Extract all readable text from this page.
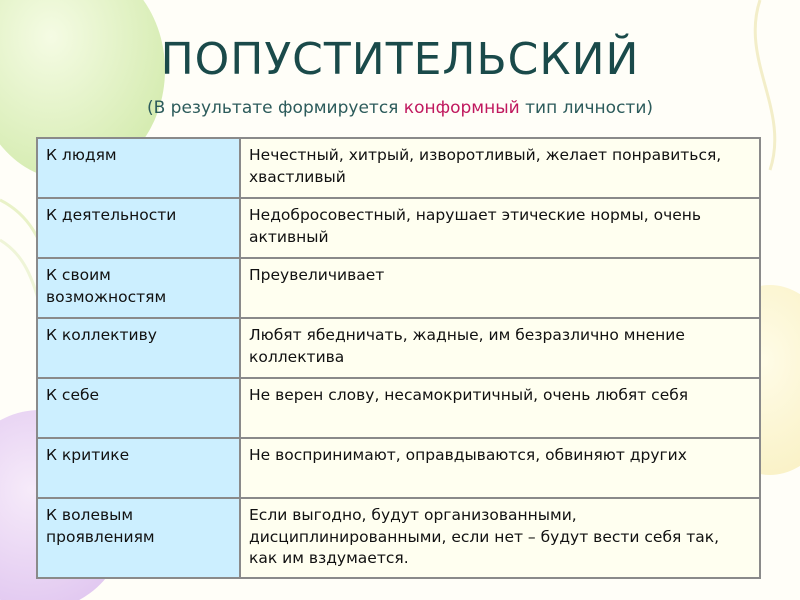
ПОПУСТИТЕЛЬСКИЙ

(В результате формируется конформный тип личности)

К людям	Нечестный, хитрый, изворотливый, желает понравиться, хвастливый
К деятельности	Недобросовестный, нарушает этические нормы, очень активный
К своим возможностям	Преувеличивает
К коллективу	Любят ябедничать, жадные, им безразлично мнение коллектива
К себе	Не верен слову, несамокритичный, очень любят себя
К критике	Не воспринимают, оправдываются, обвиняют других
К волевым проявлениям	Если выгодно, будут организованными, дисциплинированными, если нет – будут вести себя так, как им вздумается.
